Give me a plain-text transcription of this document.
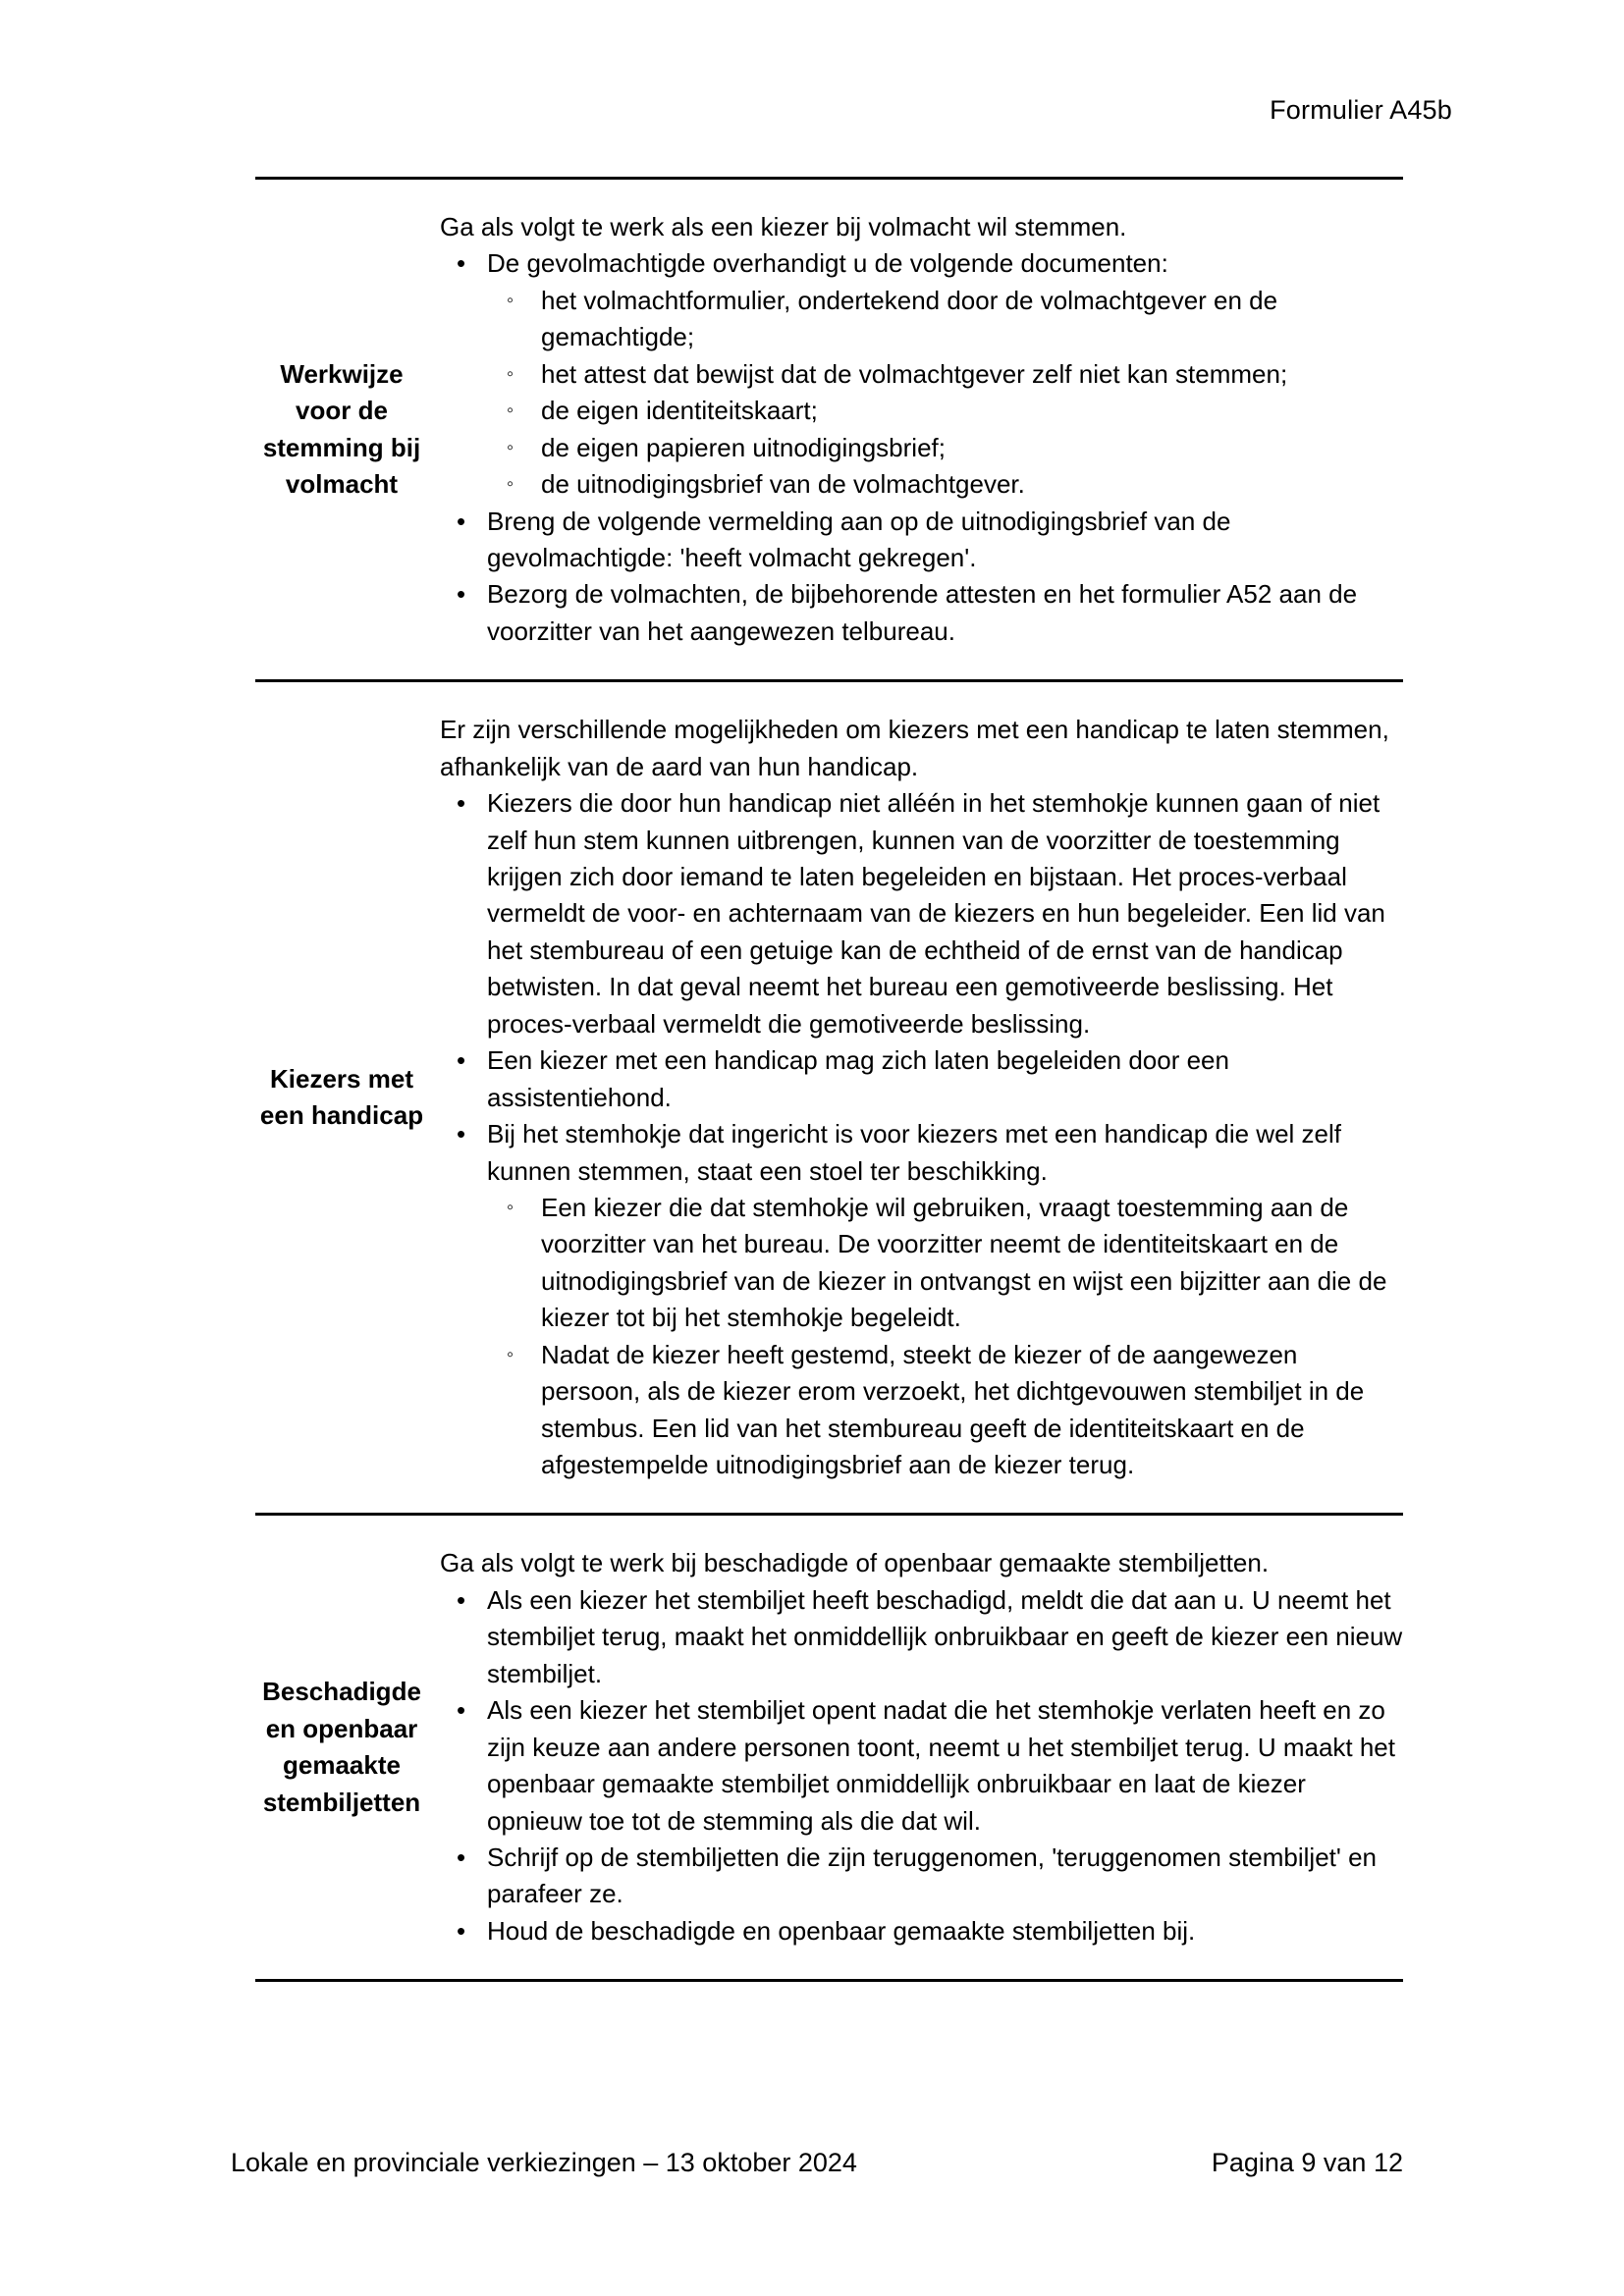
Formulier A45b
Werkwijze voor de stemming bij volmacht

Ga als volgt te werk als een kiezer bij volmacht wil stemmen.

• De gevolmachtigde overhandigt u de volgende documenten:
◦ het volmachtformulier, ondertekend door de volmachtgever en de gemachtigde;
◦ het attest dat bewijst dat de volmachtgever zelf niet kan stemmen;
◦ de eigen identiteitskaart;
◦ de eigen papieren uitnodigingsbrief;
◦ de uitnodigingsbrief van de volmachtgever.
• Breng de volgende vermelding aan op de uitnodigingsbrief van de gevolmachtigde: 'heeft volmacht gekregen'.
• Bezorg de volmachten, de bijbehorende attesten en het formulier A52 aan de voorzitter van het aangewezen telbureau.
Kiezers met een handicap

Er zijn verschillende mogelijkheden om kiezers met een handicap te laten stemmen, afhankelijk van de aard van hun handicap.

• Kiezers die door hun handicap niet alléén in het stemhokje kunnen gaan of niet zelf hun stem kunnen uitbrengen, kunnen van de voorzitter de toestemming krijgen zich door iemand te laten begeleiden en bijstaan. Het proces-verbaal vermeldt de voor- en achternaam van de kiezers en hun begeleider. Een lid van het stembureau of een getuige kan de echtheid of de ernst van de handicap betwisten. In dat geval neemt het bureau een gemotiveerde beslissing. Het proces-verbaal vermeldt die gemotiveerde beslissing.
• Een kiezer met een handicap mag zich laten begeleiden door een assistentiehond.
• Bij het stemhokje dat ingericht is voor kiezers met een handicap die wel zelf kunnen stemmen, staat een stoel ter beschikking.
◦ Een kiezer die dat stemhokje wil gebruiken, vraagt toestemming aan de voorzitter van het bureau. De voorzitter neemt de identiteitskaart en de uitnodigingsbrief van de kiezer in ontvangst en wijst een bijzitter aan die de kiezer tot bij het stemhokje begeleidt.
◦ Nadat de kiezer heeft gestemd, steekt de kiezer of de aangewezen persoon, als de kiezer erom verzoekt, het dichtgevouwen stembiljet in de stembus. Een lid van het stembureau geeft de identiteitskaart en de afgestempelde uitnodigingsbrief aan de kiezer terug.
Beschadigde en openbaar gemaakte stembiljetten

Ga als volgt te werk bij beschadigde of openbaar gemaakte stembiljetten.

• Als een kiezer het stembiljet heeft beschadigd, meldt die dat aan u. U neemt het stembiljet terug, maakt het onmiddellijk onbruikbaar en geeft de kiezer een nieuw stembiljet.
• Als een kiezer het stembiljet opent nadat die het stemhokje verlaten heeft en zo zijn keuze aan andere personen toont, neemt u het stembiljet terug. U maakt het openbaar gemaakte stembiljet onmiddellijk onbruikbaar en laat de kiezer opnieuw toe tot de stemming als die dat wil.
• Schrijf op de stembiljetten die zijn teruggenomen, 'teruggenomen stembiljet' en parafeer ze.
• Houd de beschadigde en openbaar gemaakte stembiljetten bij.
Lokale en provinciale verkiezingen – 13 oktober 2024	Pagina 9 van 12
